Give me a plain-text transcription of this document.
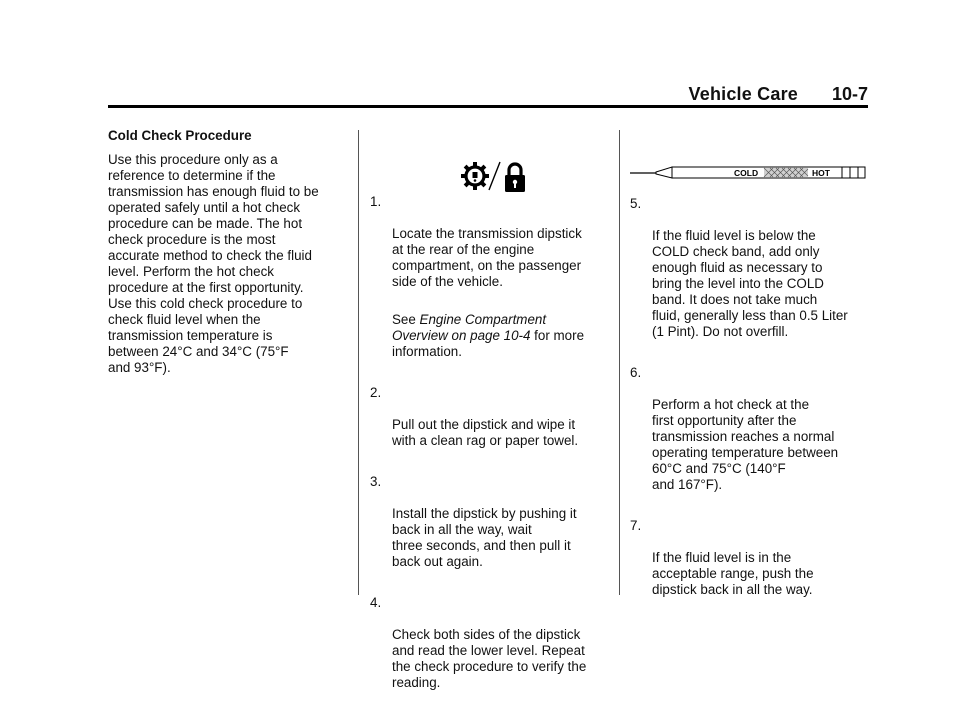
Vehicle Care 10-7
Cold Check Procedure
Use this procedure only as a
reference to determine if the
transmission has enough fluid to be
operated safely until a hot check
procedure can be made. The hot
check procedure is the most
accurate method to check the fluid
level. Perform the hot check
procedure at the first opportunity.
Use this cold check procedure to
check fluid level when the
transmission temperature is
between 24°C and 34°C (75°F
and 93°F).

1.

Locate the transmission dipstick
at the rear of the engine
compartment, on the passenger
side of the vehicle.

See Engine Compartment
Overview on page 10-4 for more
information.

2.

Pull out the dipstick and wipe it
with a clean rag or paper towel.

3.

Install the dipstick by pushing it
back in all the way, wait
three seconds, and then pull it
back out again.

4.

Check both sides of the dipstick
and read the lower level. Repeat
the check procedure to verify the
reading.

COLD	HOT

5.

If the fluid level is below the
COLD check band, add only
enough fluid as necessary to
bring the level into the COLD
band. It does not take much
fluid, generally less than 0.5 Liter
(1 Pint). Do not overfill.

6.

Perform a hot check at the
first opportunity after the
transmission reaches a normal
operating temperature between
60°C and 75°C (140°F
and 167°F).

7.

If the fluid level is in the
acceptable range, push the
dipstick back in all the way.
